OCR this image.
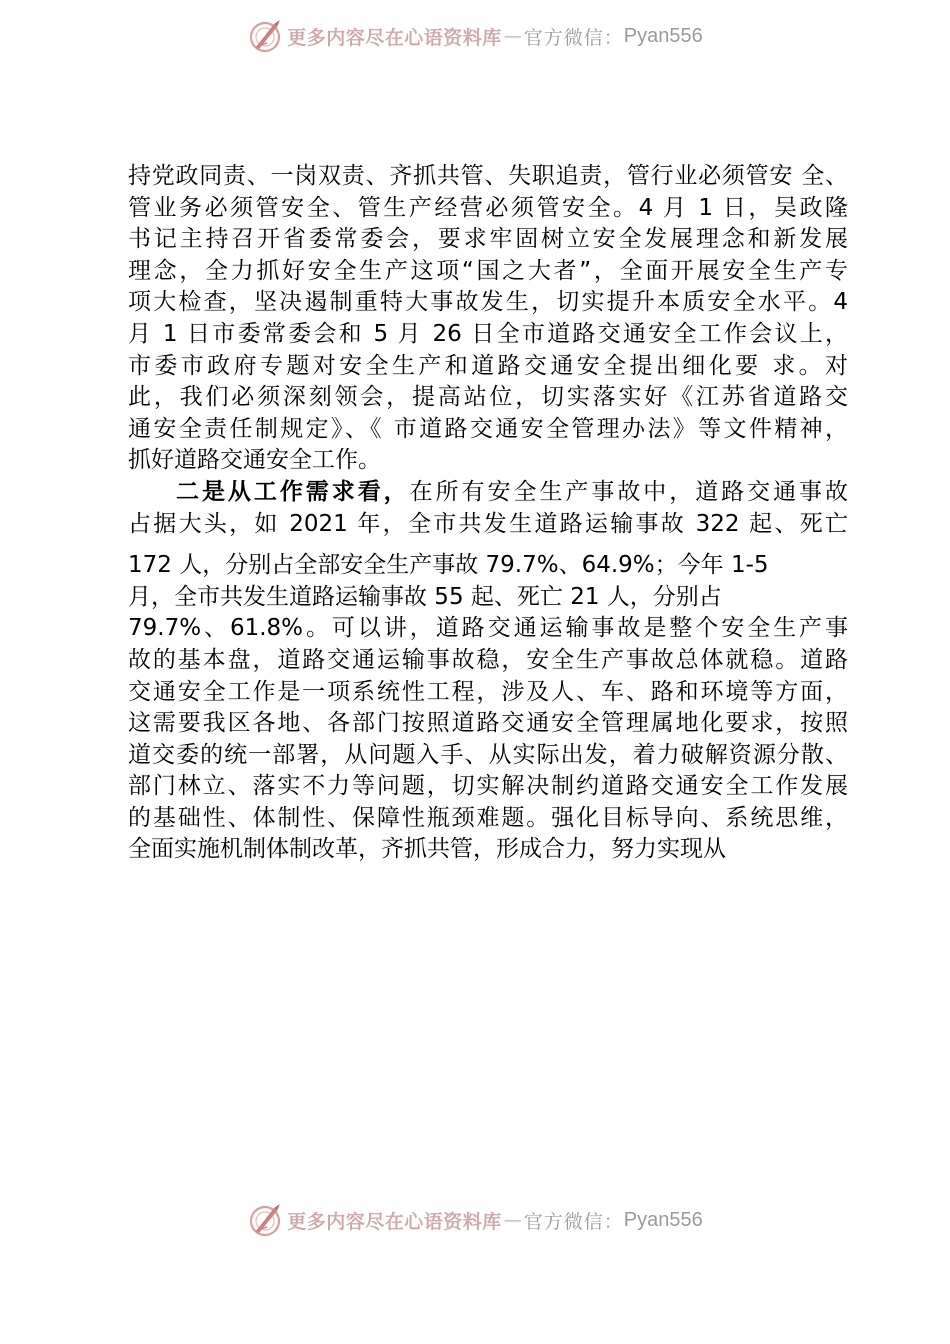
更多内容尽在心语资料库 — 官方微信： Pyan556
持党政同责、一岗双责、齐抓共管、失职追责，管行业必须管安 全、
管业务必须管安全、管生产经营必须管安全。4 月 1 日，吴政隆
书记主持召开省委常委会，要求牢固树立安全发展理念和新发展
理念，全力抓好安全生产这项“国之大者”，全面开展安全生产专
项大检查，坚决遏制重特大事故发生，切实提升本质安全水平。4
月 1 日市委常委会和 5 月 26 日全市道路交通安全工作会议上，
市委市政府专题对安全生产和道路交通安全提出细化要 求。对
此，我们必须深刻领会，提高站位，切实落实好《江苏省道路交
通安全责任制规定》、《 市道路交通安全管理办法》等文件精神，
抓好道路交通安全工作。
二是从工作需求看，在所有安全生产事故中，道路交通事故
占据大头，如 2021 年，全市共发生道路运输事故 322 起、死亡
172 人，分别占全部安全生产事故 79.7%、64.9%；今年 1-5
月，全市共发生道路运输事故 55 起、死亡 21 人，分别占
79.7%、61.8%。可以讲，道路交通运输事故是整个安全生产事
故的基本盘，道路交通运输事故稳，安全生产事故总体就稳。道路
交通安全工作是一项系统性工程，涉及人、车、路和环境等方面，
这需要我区各地、各部门按照道路交通安全管理属地化要求，按照
道交委的统一部署，从问题入手、从实际出发，着力破解资源分散、
部门林立、落实不力等问题，切实解决制约道路交通安全工作发展
的基础性、体制性、保障性瓶颈难题。强化目标导向、系统思维，
全面实施机制体制改革，齐抓共管，形成合力，努力实现从
更多内容尽在心语资料库 — 官方微信： Pyan556
